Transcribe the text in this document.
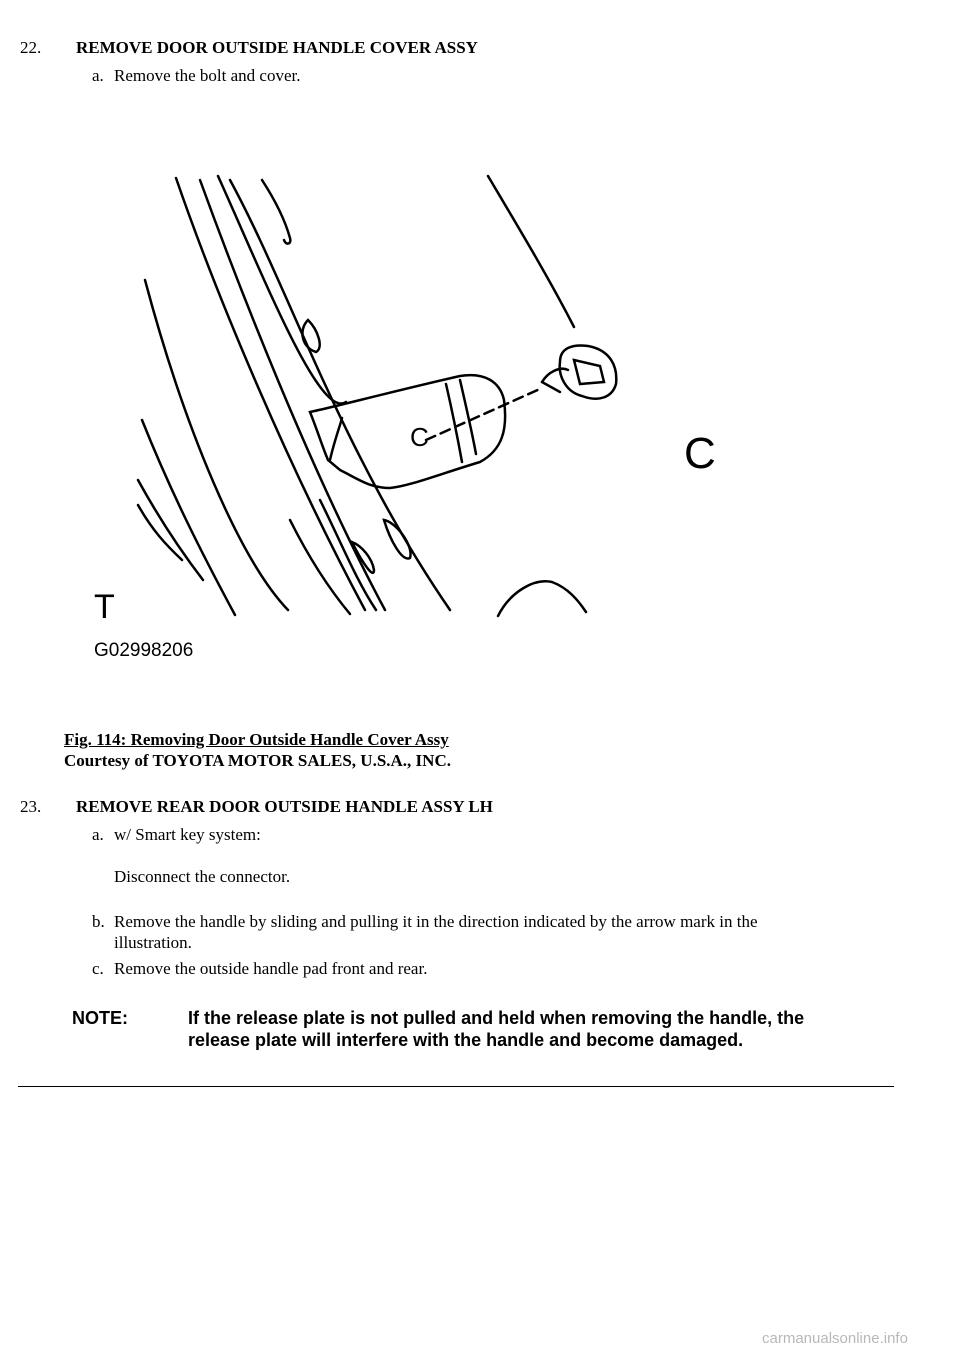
22. REMOVE DOOR OUTSIDE HANDLE COVER ASSY
a. Remove the bolt and cover.
C	C
T
G02998206
Fig. 114: Removing Door Outside Handle Cover Assy
Courtesy of TOYOTA MOTOR SALES, U.S.A., INC.
23. REMOVE REAR DOOR OUTSIDE HANDLE ASSY LH
a. w/ Smart key system:
Disconnect the connector.
b. Remove the handle by sliding and pulling it in the direction indicated by the arrow mark in the
illustration.
c. Remove the outside handle pad front and rear.
NOTE:	If the release plate is not pulled and held when removing the handle, the
release plate will interfere with the handle and become damaged.
carmanualsonline.info
